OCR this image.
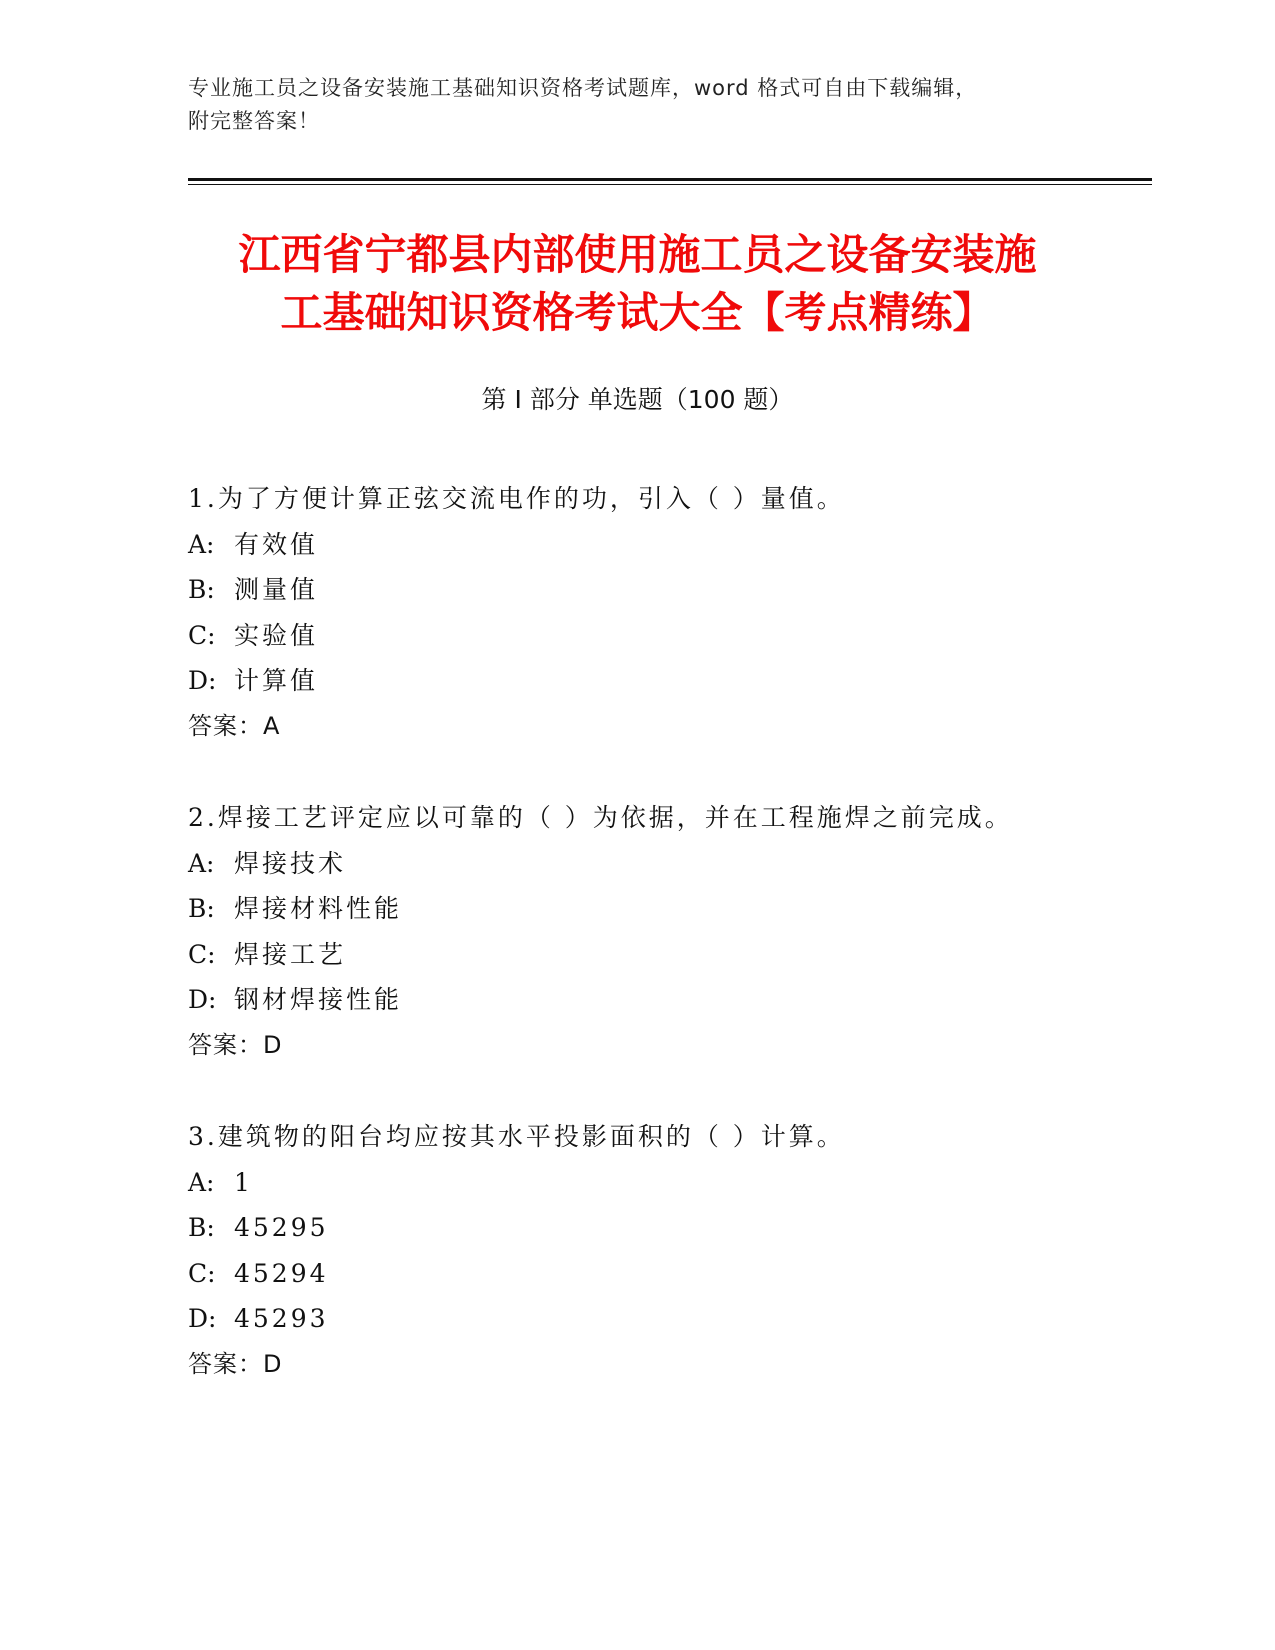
专业施工员之设备安装施工基础知识资格考试题库，word 格式可自由下载编辑，
附完整答案！
江西省宁都县内部使用施工员之设备安装施
工基础知识资格考试大全【考点精练】
第 I 部分 单选题（100 题）
1.为了方便计算正弦交流电作的功，引入（ ）量值。
A: 有效值
B: 测量值
C: 实验值
D: 计算值
答案：A
2.焊接工艺评定应以可靠的（ ）为依据，并在工程施焊之前完成。
A: 焊接技术
B: 焊接材料性能
C: 焊接工艺
D: 钢材焊接性能
答案：D
3.建筑物的阳台均应按其水平投影面积的（ ）计算。
A: 1
B: 45295
C: 45294
D: 45293
答案：D
